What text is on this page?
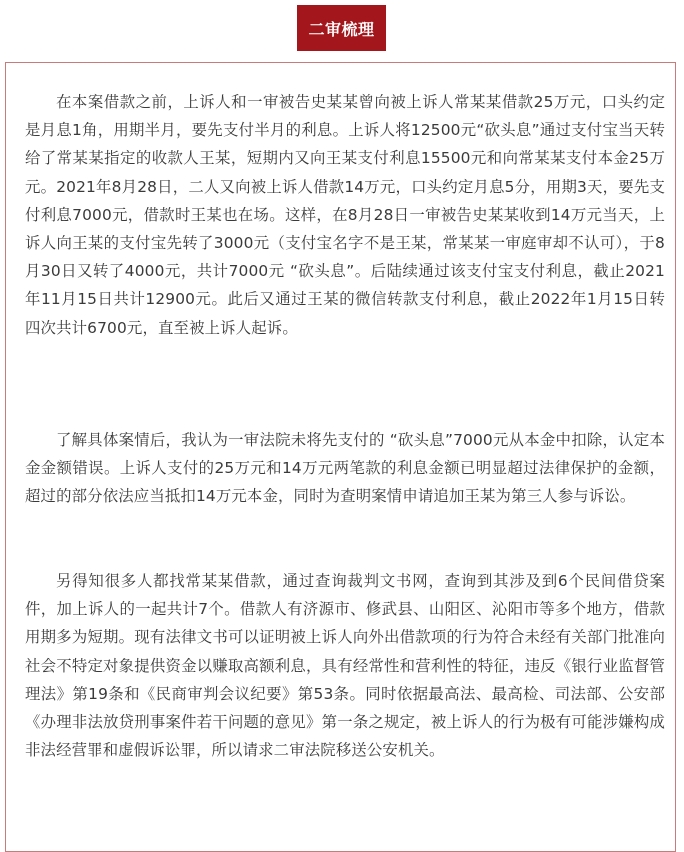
二审梳理

在本案借款之前，上诉人和一审被告史某某曾向被上诉人常某某借款25万元，口头约定是月息1角，用期半月，要先支付半月的利息。上诉人将12500元“砍头息”通过支付宝当天转给了常某某指定的收款人王某，短期内又向王某支付利息15500元和向常某某支付本金25万元。2021年8月28日，二人又向被上诉人借款14万元，口头约定月息5分，用期3天，要先支付利息7000元，借款时王某也在场。这样，在8月28日一审被告史某某收到14万元当天，上诉人向王某的支付宝先转了3000元（支付宝名字不是王某，常某某一审庭审却不认可），于8月30日又转了4000元，共计7000元 “砍头息”。后陆续通过该支付宝支付利息，截止2021年11月15日共计12900元。此后又通过王某的微信转款支付利息，截止2022年1月15日转四次共计6700元，直至被上诉人起诉。

了解具体案情后，我认为一审法院未将先支付的 “砍头息”7000元从本金中扣除，认定本金金额错误。上诉人支付的25万元和14万元两笔款的利息金额已明显超过法律保护的金额，超过的部分依法应当抵扣14万元本金，同时为查明案情申请追加王某为第三人参与诉讼。

另得知很多人都找常某某借款，通过查询裁判文书网，查询到其涉及到6个民间借贷案件，加上诉人的一起共计7个。借款人有济源市、修武县、山阳区、沁阳市等多个地方，借款用期多为短期。现有法律文书可以证明被上诉人向外出借款项的行为符合未经有关部门批准向社会不特定对象提供资金以赚取高额利息，具有经常性和营利性的特征，违反《银行业监督管理法》第19条和《民商审判会议纪要》第53条。同时依据最高法、最高检、司法部、公安部《办理非法放贷刑事案件若干问题的意见》第一条之规定，被上诉人的行为极有可能涉嫌构成非法经营罪和虚假诉讼罪，所以请求二审法院移送公安机关。
